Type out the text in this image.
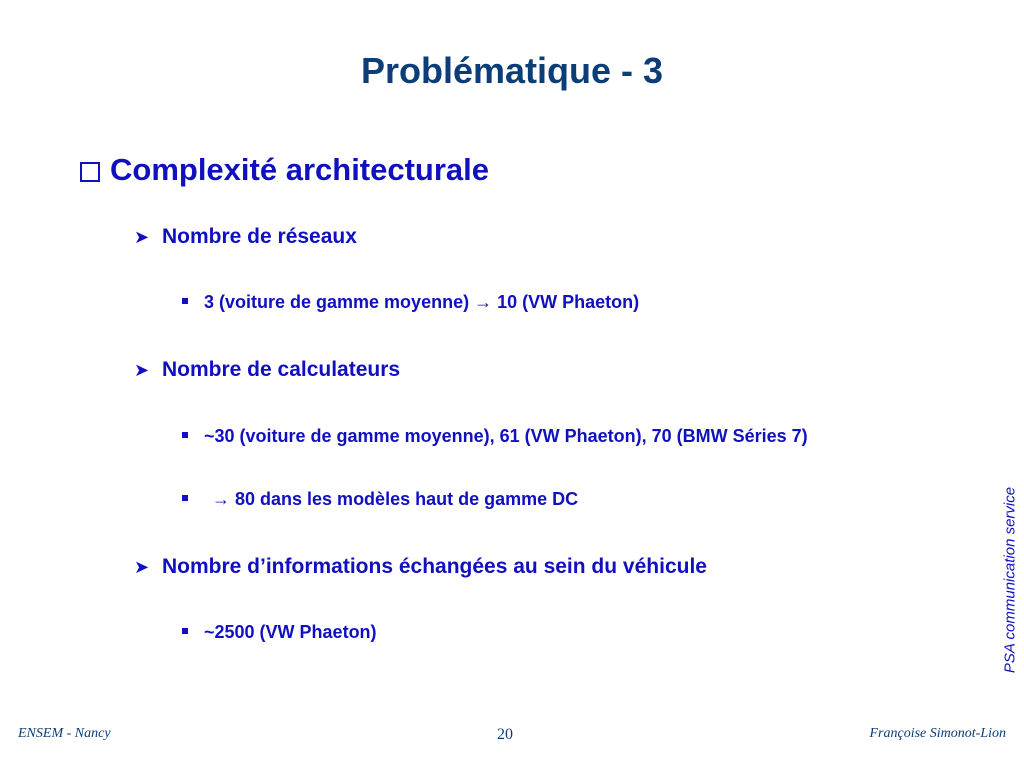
Problématique - 3
Complexité architecturale
➤ Nombre de réseaux
3 (voiture de gamme moyenne) → 10 (VW Phaeton)
➤ Nombre de calculateurs
~30 (voiture de gamme moyenne), 61 (VW Phaeton), 70 (BMW Séries 7)
→ 80 dans les modèles haut de gamme DC
➤ Nombre d’informations échangées au sein du véhicule
~2500 (VW Phaeton)	PSA communication service
ENSEM - Nancy	20	Françoise Simonot-Lion
